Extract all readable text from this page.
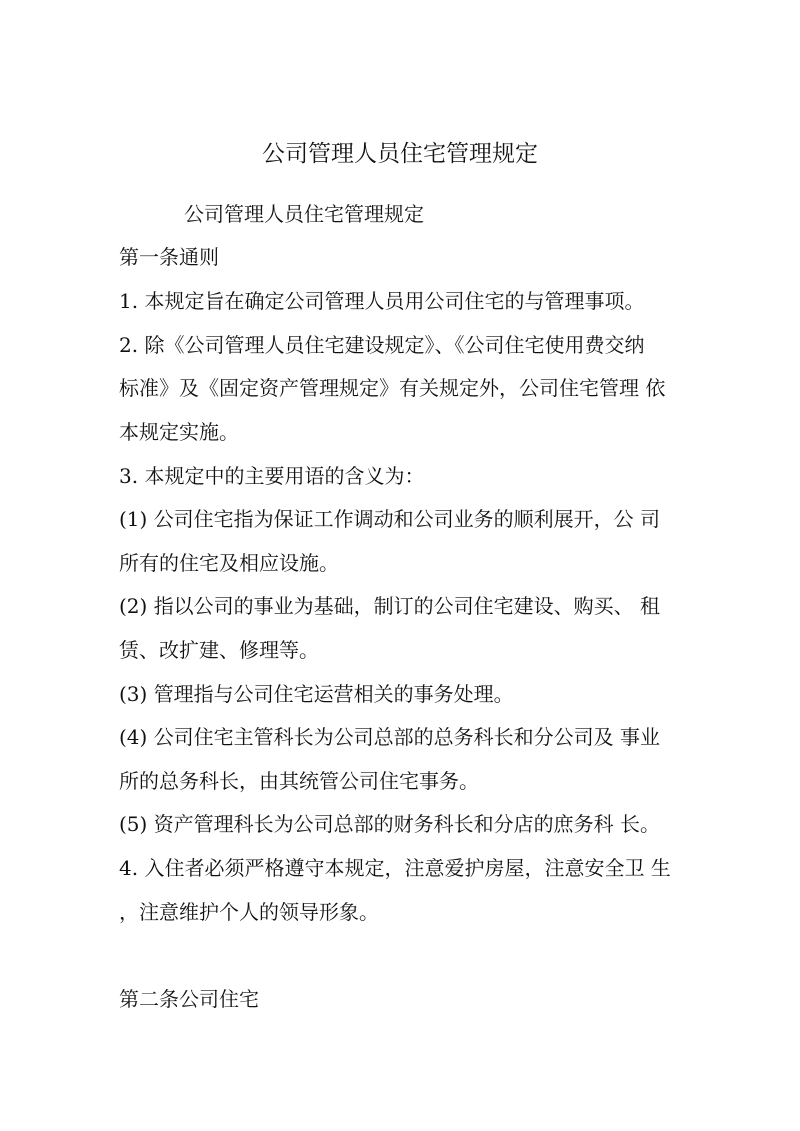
公司管理人员住宅管理规定
公司管理人员住宅管理规定
第一条通则
1. 本规定旨在确定公司管理人员用公司住宅的与管理事项。
2. 除《公司管理人员住宅建设规定》、《公司住宅使用费交纳
标准》及《固定资产管理规定》有关规定外，公司住宅管理 依
本规定实施。
3. 本规定中的主要用语的含义为：
(1) 公司住宅指为保证工作调动和公司业务的顺利展开，公 司
所有的住宅及相应设施。
(2) 指以公司的事业为基础，制订的公司住宅建设、购买、 租
赁、改扩建、修理等。
(3) 管理指与公司住宅运营相关的事务处理。
(4) 公司住宅主管科长为公司总部的总务科长和分公司及 事业
所的总务科长，由其统管公司住宅事务。
(5) 资产管理科长为公司总部的财务科长和分店的庶务科 长。
4. 入住者必须严格遵守本规定，注意爱护房屋，注意安全卫 生
，注意维护个人的领导形象。
第二条公司住宅
